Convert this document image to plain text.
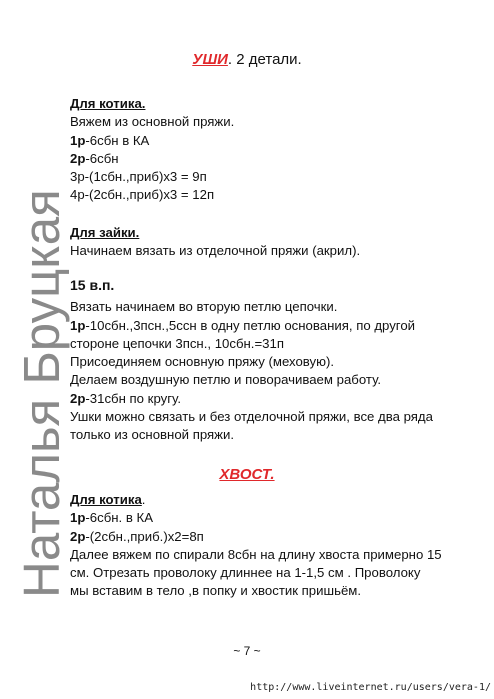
Наталья Бруцкая
УШИ. 2 детали.
Для котика.
Вяжем из основной пряжи.
1р-6сбн в КА
2р-6сбн
3р-(1сбн.,приб)х3 = 9п
4р-(2сбн.,приб)х3 = 12п
Для зайки.
Начинаем вязать из отделочной пряжи (акрил).
15 в.п.
Вязать начинаем во вторую петлю цепочки.
1р-10сбн.,3псн.,5ссн в одну петлю основания, по другой
стороне цепочки 3псн., 10сбн.=31п
Присоединяем основную пряжу (меховую).
Делаем воздушную петлю и поворачиваем работу.
2р-31сбн по кругу.
Ушки можно связать и без отделочной пряжи, все два ряда
только из основной пряжи.
ХВОСТ.
Для котика.
1р-6сбн. в КА
2р-(2сбн.,приб.)х2=8п
Далее вяжем по спирали 8сбн на длину хвоста примерно 15
см. Отрезать проволоку длиннее на 1-1,5 см . Проволоку
мы вставим в тело ,в попку и хвостик пришьём.
~ 7 ~
http://www.liveinternet.ru/users/vera-1/
